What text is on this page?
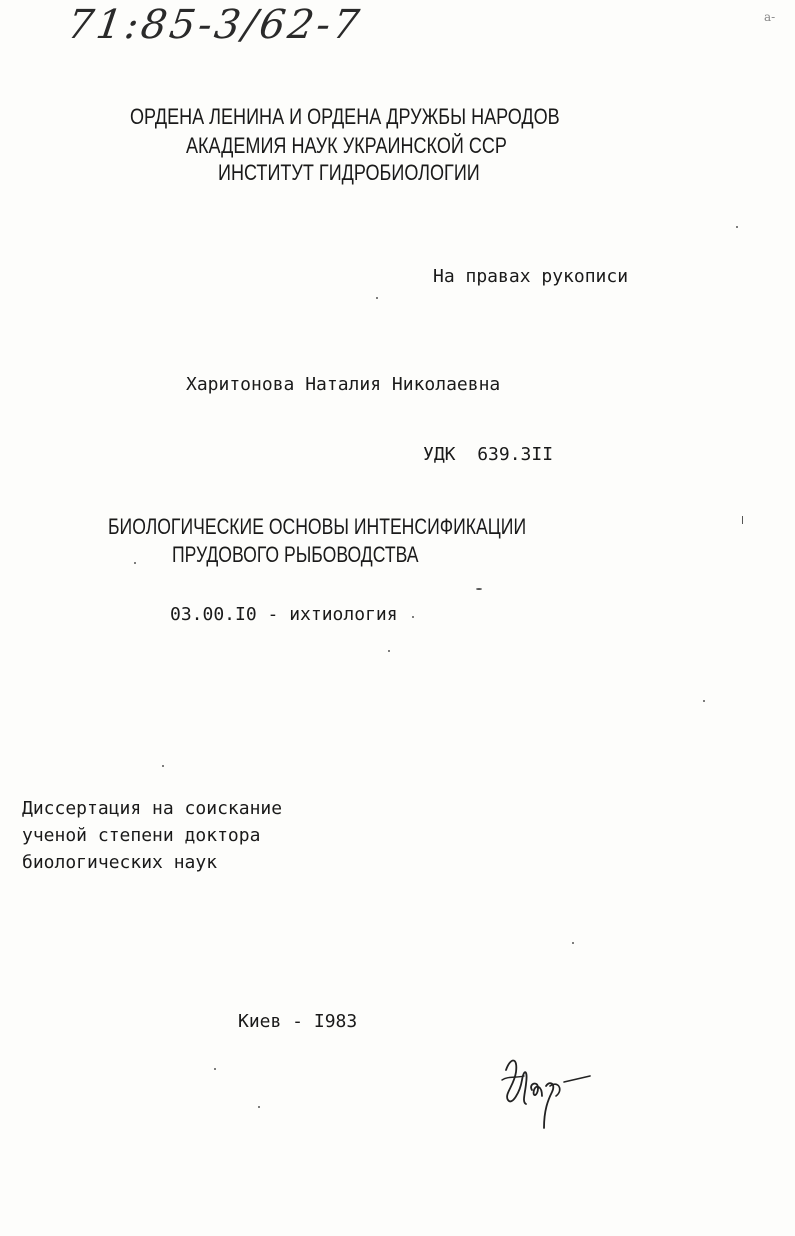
71:85-3/62-7	a-
ОРДЕНА ЛЕНИНА И ОРДЕНА ДРУЖБЫ НАРОДОВ
АКАДЕМИЯ НАУК УКРАИНСКОЙ ССР
ИНСТИТУТ ГИДРОБИОЛОГИИ
На правах рукописи
Харитонова Наталия Николаевна
УДК 639.3II
БИОЛОГИЧЕСКИЕ ОСНОВЫ ИНТЕНСИФИКАЦИИ
ПРУДОВОГО РЫБОВОДСТВА
03.00.I0 - ихтиология
Диссертация на соискание
ученой степени доктора
биологических наук
Киев - I983
